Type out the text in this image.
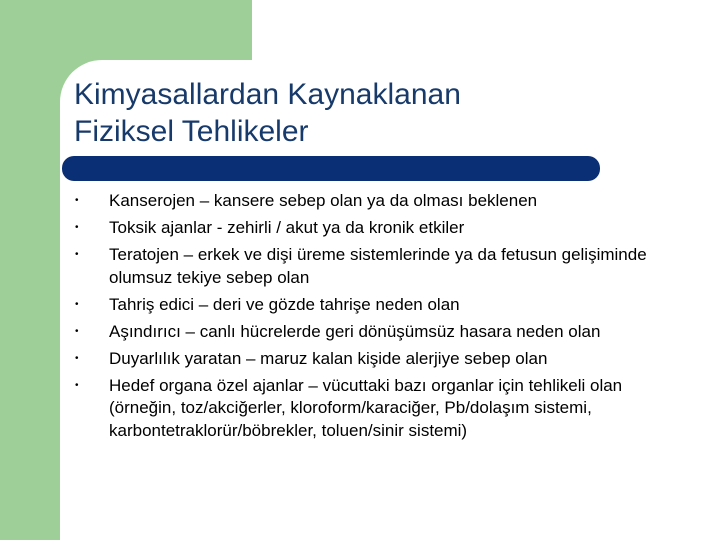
Kimyasallardan Kaynaklanan
Fiziksel Tehlikeler
• Kanserojen – kansere sebep olan ya da olması beklenen
• Toksik ajanlar - zehirli / akut ya da kronik etkiler
• Teratojen – erkek ve dişi üreme sistemlerinde ya da fetusun gelişiminde olumsuz tekiye sebep olan
• Tahriş edici – deri ve gözde tahrişe neden olan
• Aşındırıcı – canlı hücrelerde geri dönüşümsüz hasara neden olan
• Duyarlılık yaratan – maruz kalan kişide alerjiye sebep olan
• Hedef organa özel ajanlar – vücuttaki bazı organlar için tehlikeli olan (örneğin, toz/akciğerler, kloroform/karaciğer, Pb/dolaşım sistemi, karbontetraklorür/böbrekler, toluen/sinir sistemi)
